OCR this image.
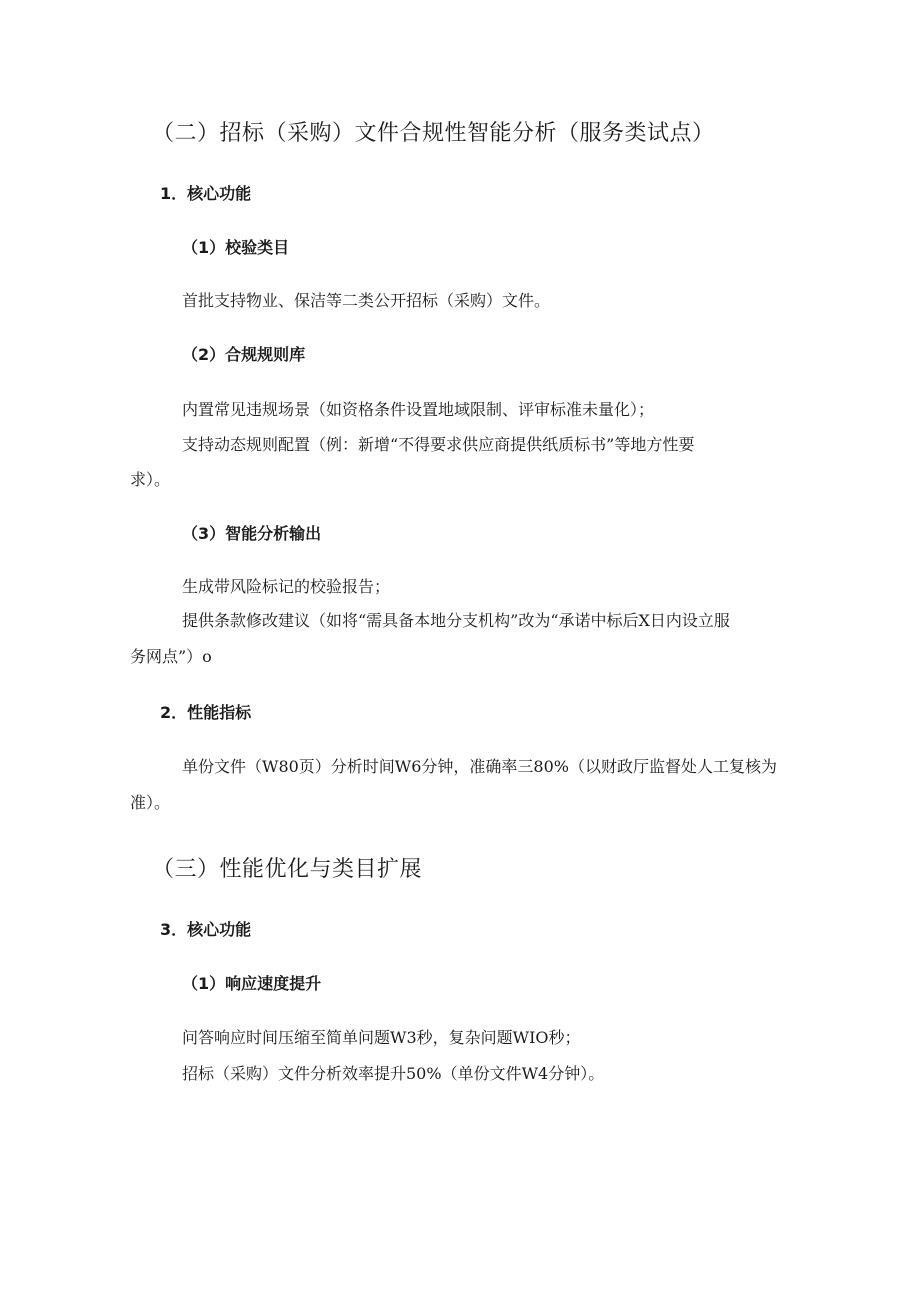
（二）招标（采购）文件合规性智能分析（服务类试点）
1．核心功能
（1）校验类目
首批支持物业、保洁等二类公开招标（采购）文件。
（2）合规规则库
内置常见违规场景（如资格条件设置地域限制、评审标准未量化）；
支持动态规则配置（例：新增“不得要求供应商提供纸质标书”等地方性要
求）。
（3）智能分析输出
生成带风险标记的校验报告；
提供条款修改建议（如将“需具备本地分支机构”改为“承诺中标后X日内设立服
务网点”）o
2．性能指标
单份文件（W80页）分析时间W6分钟，准确率三80%（以财政厅监督处人工复核为
准）。
（三）性能优化与类目扩展
3．核心功能
（1）响应速度提升
问答响应时间压缩至简单问题W3秒，复杂问题WIO秒；
招标（采购）文件分析效率提升50%（单份文件W4分钟）。
